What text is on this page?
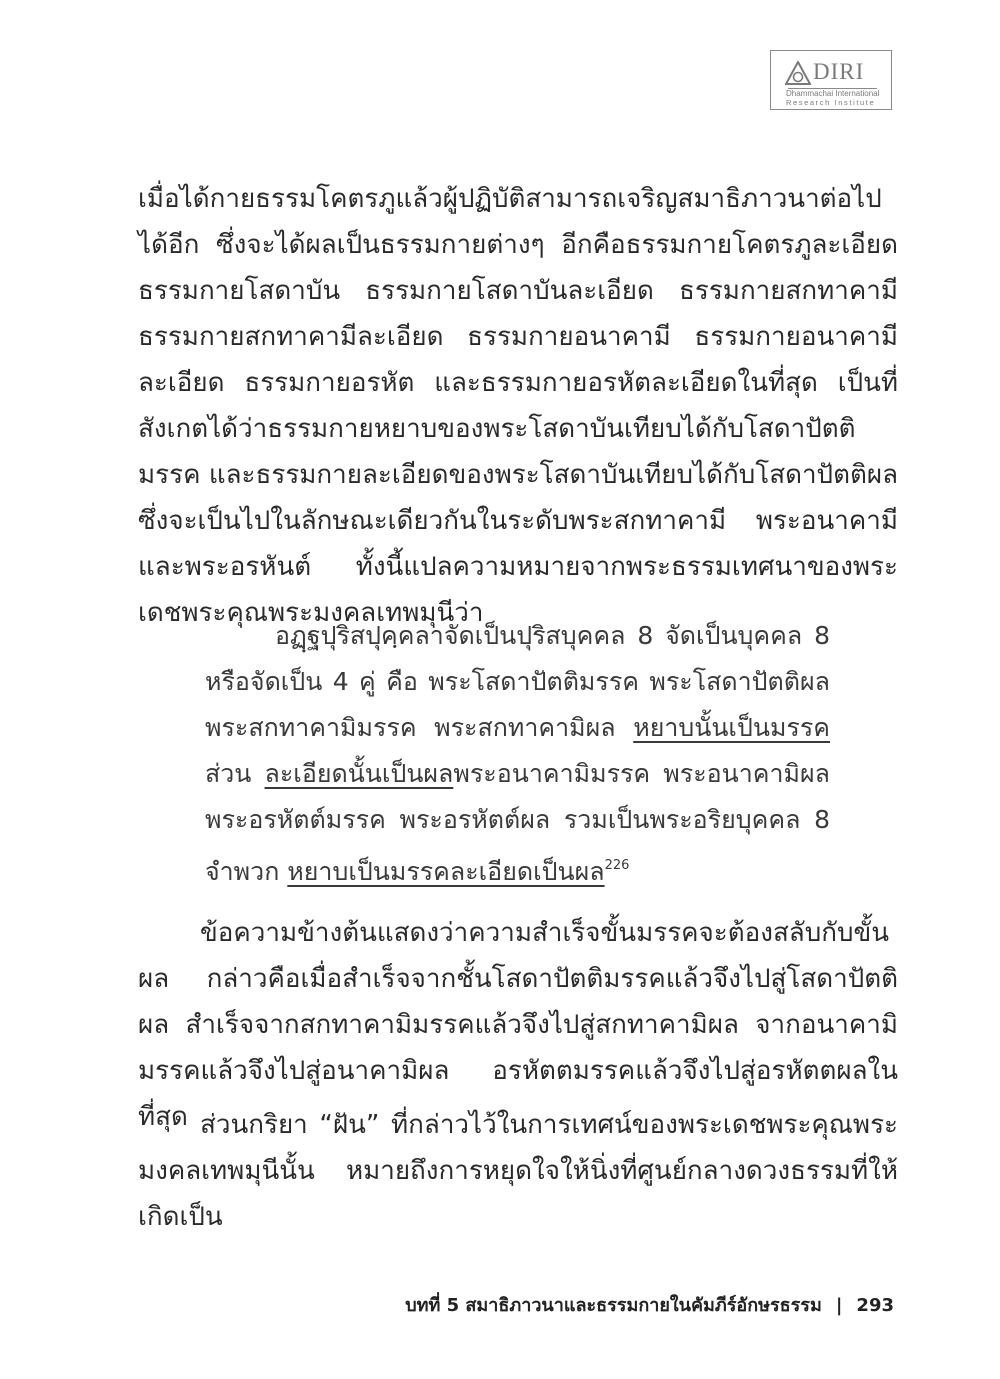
DIRI
Dhammachai International
Research Institute
เมื่อได้กายธรรมโคตรภูแล้วผู้ปฏิบัติสามารถเจริญสมาธิภาวนาต่อไปได้อีก ซึ่งจะได้ผลเป็นธรรมกายต่างๆ อีกคือธรรมกายโคตรภูละเอียด ธรรมกายโสดาบัน ธรรมกายโสดาบันละเอียด ธรรมกายสกทาคามี ธรรมกายสกทาคามีละเอียด ธรรมกายอนาคามี ธรรมกายอนาคามีละเอียด ธรรมกายอรหัต และธรรมกายอรหัตละเอียดในที่สุด เป็นที่สังเกตได้ว่าธรรมกายหยาบของพระโสดาบันเทียบได้กับโสดาปัตติมรรค และธรรมกายละเอียดของพระโสดาบันเทียบได้กับโสดาปัตติผล ซึ่งจะเป็นไปในลักษณะเดียวกันในระดับพระสกทาคามี พระอนาคามี และพระอรหันต์ ทั้งนี้แปลความหมายจากพระธรรมเทศนาของพระเดชพระคุณพระมงคลเทพมุนีว่า
อฏฺฐปุริสปุคฺคลาจัดเป็นปุริสบุคคล 8 จัดเป็นบุคคล 8 หรือจัดเป็น 4 คู่ คือ พระโสดาปัตติมรรค พระโสดาปัตติผล พระสกทาคามิมรรค พระสกทาคามิผล หยาบนั้นเป็นมรรคส่วน ละเอียดนั้นเป็นผลพระอนาคามิมรรค พระอนาคามิผล พระอรหัตต์มรรค พระอรหัตต์ผล รวมเป็นพระอริยบุคคล 8 จำพวก หยาบเป็นมรรคละเอียดเป็นผล$^{226}$
ข้อความข้างต้นแสดงว่าความสำเร็จขั้นมรรคจะต้องสลับกับขั้นผล กล่าวคือเมื่อสำเร็จจากชั้นโสดาปัตติมรรคแล้วจึงไปสู่โสดาปัตติผล สำเร็จจากสกทาคามิมรรคแล้วจึงไปสู่สกทาคามิผล จากอนาคามิมรรคแล้วจึงไปสู่อนาคามิผล อรหัตตมรรคแล้วจึงไปสู่อรหัตตผลในที่สุด ส่วนกริยา “ฝัน” ที่กล่าวไว้ในการเทศน์ของพระเดชพระคุณพระมงคลเทพมุนีนั้น หมายถึงการหยุดใจให้นิ่งที่ศูนย์กลางดวงธรรมที่ให้เกิดเป็น
บทที่ 5 สมาธิภาวนาและธรรมกายในคัมภีร์อักษรธรรม | 293
